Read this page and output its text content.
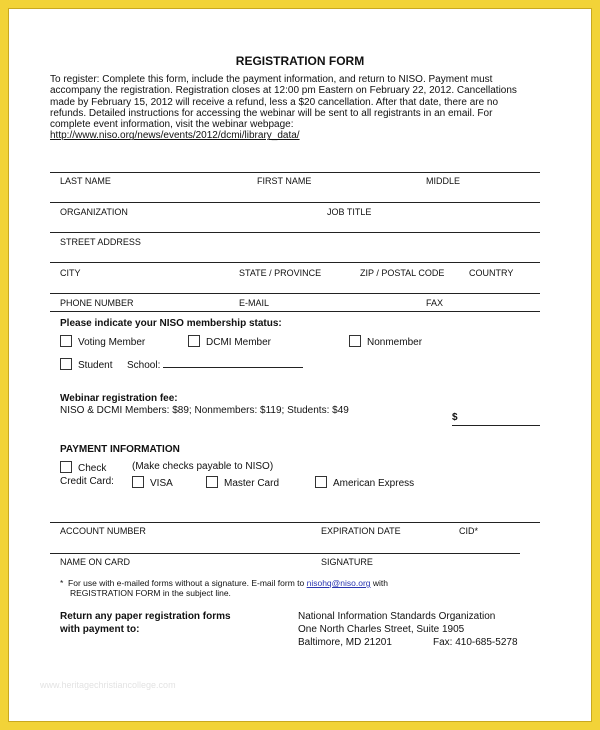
REGISTRATION FORM

To register: Complete this form, include the payment information, and return to NISO. Payment must

accompany the registration. Registration closes at 12:00 pm Eastern on February 22, 2012. Cancellations

made by February 15, 2012 will receive a refund, less a $20 cancellation. After that date, there are no

refunds. Detailed instructions for accessing the webinar will be sent to all registrants in an email. For

complete event information, visit the webinar webpage:

http://www.niso.org/news/events/2012/dcmi/library_data/

LAST NAME	FIRST NAME	MIDDLE
ORGANIZATION	JOB TITLE
STREET ADDRESS
CITY	STATE / PROVINCE	ZIP / POSTAL CODE	COUNTRY
PHONE NUMBER	E-MAIL	FAX
Please indicate your NISO membership status:
Voting Member	DCMI Member	Nonmember
Student School:
Webinar registration fee:
NISO & DCMI Members: $89; Nonmembers: $119; Students: $49
$
PAYMENT INFORMATION
Check	(Make checks payable to NISO)
Credit Card:	VISA	Master Card	American Express
ACCOUNT NUMBER	EXPIRATION DATE	CID*
NAME ON CARD	SIGNATURE
*  For use with e-mailed forms without a signature. E-mail form to nisohq@niso.org with
REGISTRATION FORM in the subject line.
Return any paper registration forms
with payment to:
National Information Standards Organization
One North Charles Street, Suite 1905
Baltimore, MD 21201	Fax: 410-685-5278
www.heritagechristiancollege.com
